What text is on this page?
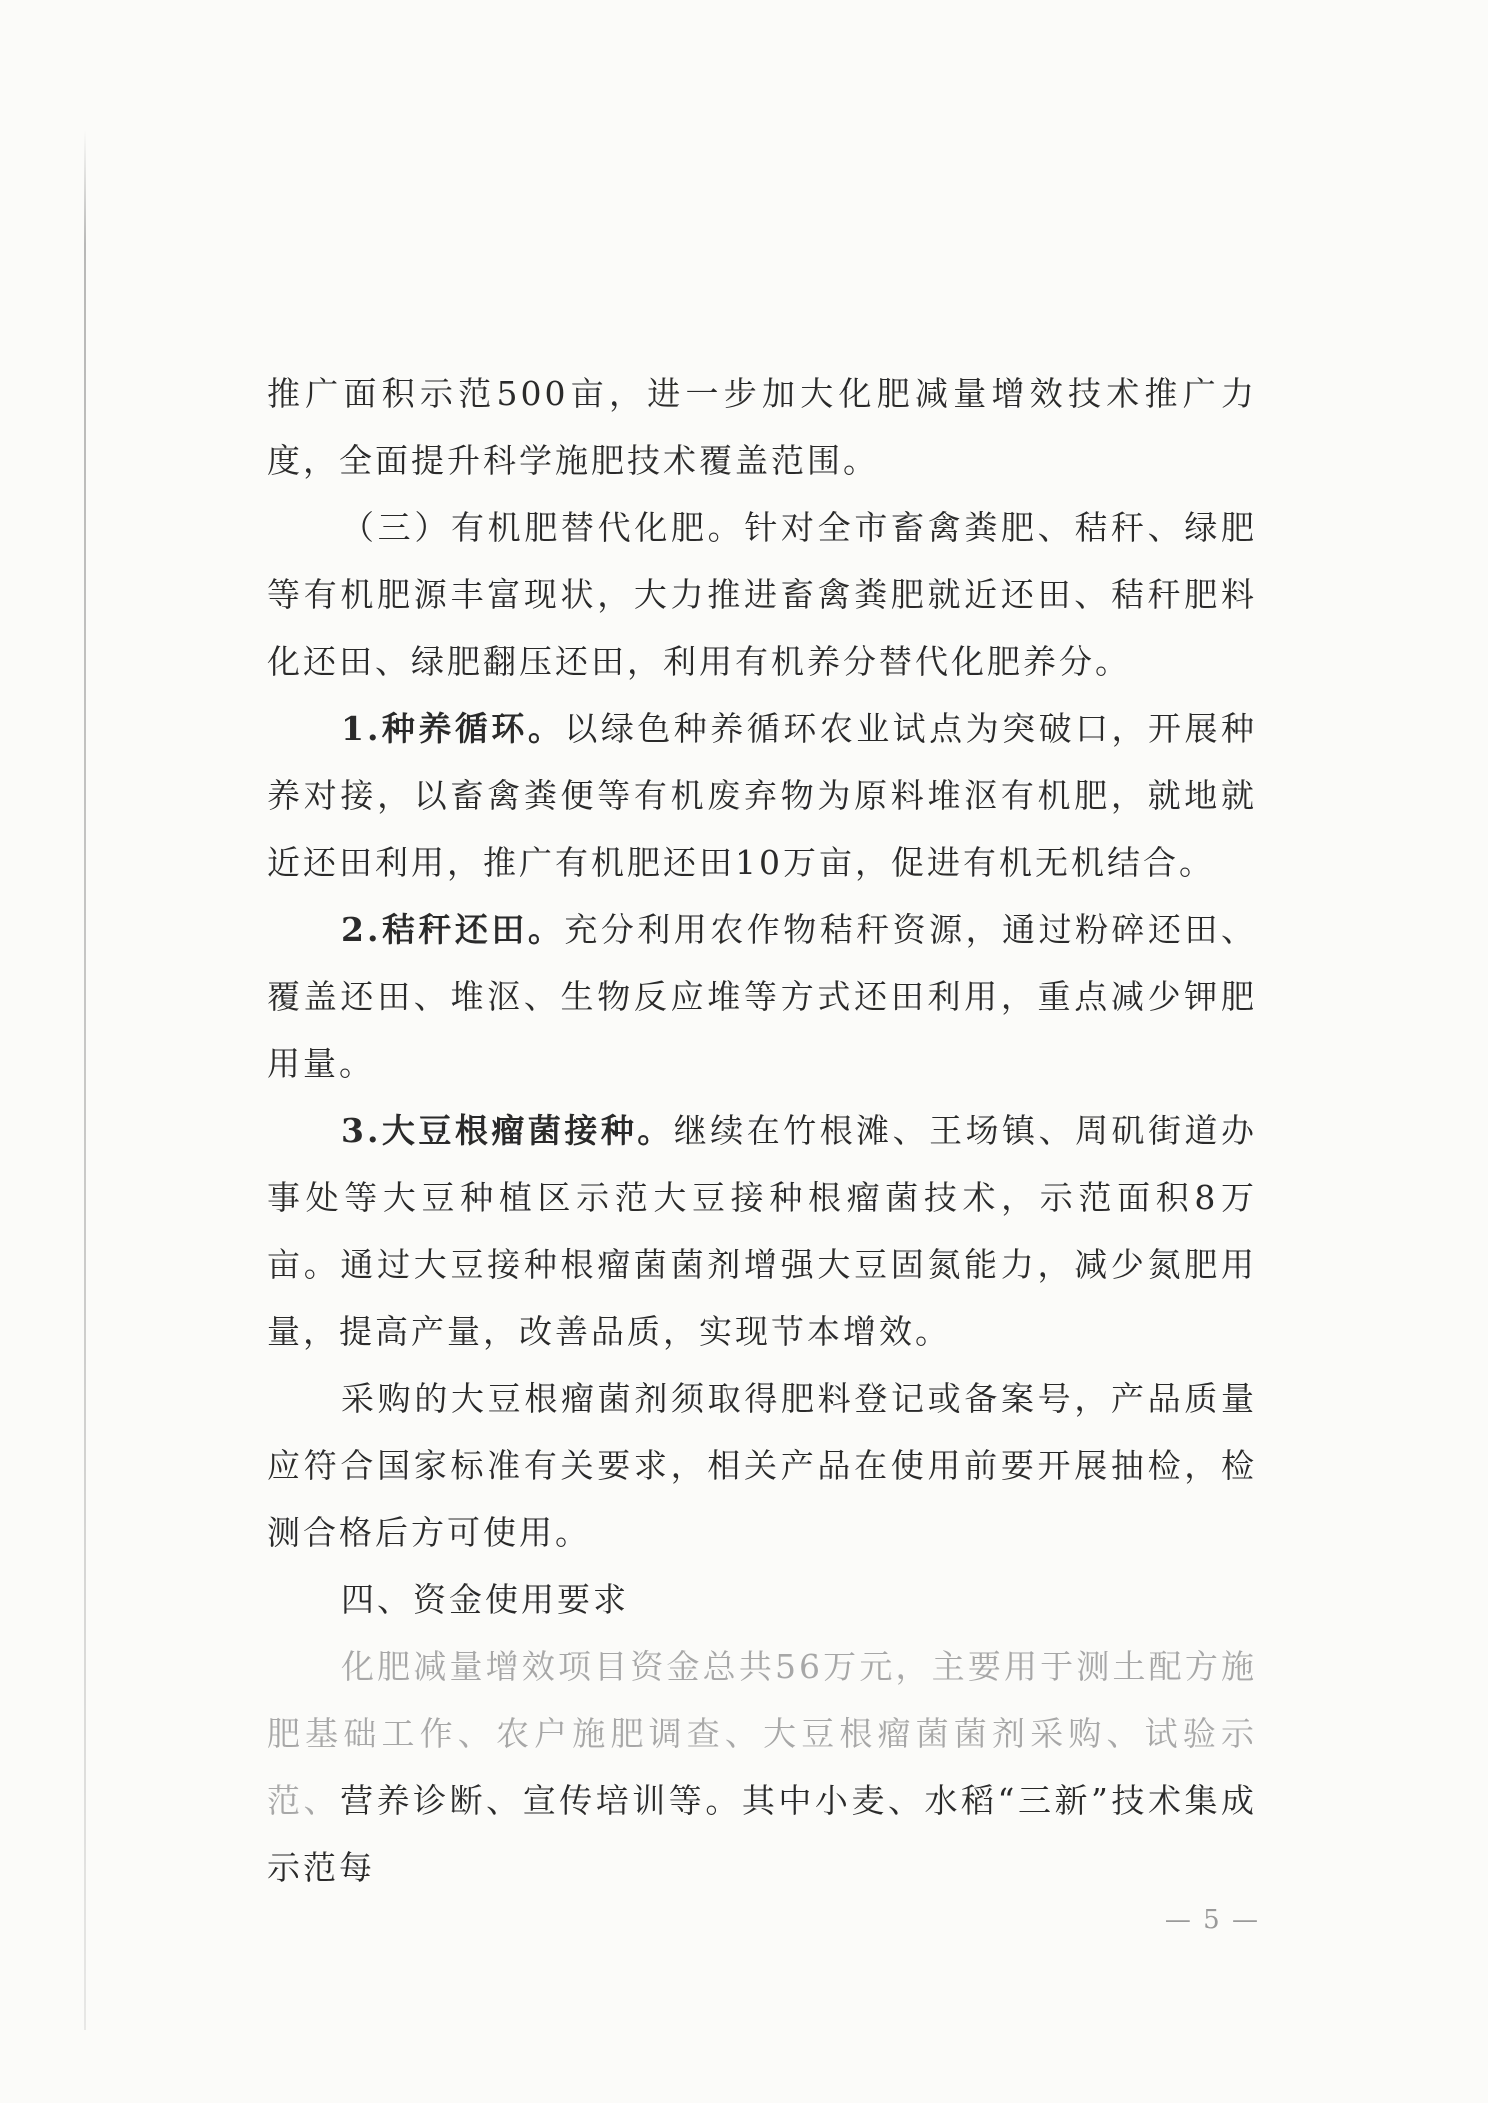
推广面积示范500亩，进一步加大化肥减量增效技术推广力度，全面提升科学施肥技术覆盖范围。

（三）有机肥替代化肥。针对全市畜禽粪肥、秸秆、绿肥等有机肥源丰富现状，大力推进畜禽粪肥就近还田、秸秆肥料化还田、绿肥翻压还田，利用有机养分替代化肥养分。

1.种养循环。以绿色种养循环农业试点为突破口，开展种养对接，以畜禽粪便等有机废弃物为原料堆沤有机肥，就地就近还田利用，推广有机肥还田10万亩，促进有机无机结合。

2.秸秆还田。充分利用农作物秸秆资源，通过粉碎还田、覆盖还田、堆沤、生物反应堆等方式还田利用，重点减少钾肥用量。

3.大豆根瘤菌接种。继续在竹根滩、王场镇、周矶街道办事处等大豆种植区示范大豆接种根瘤菌技术，示范面积8万亩。通过大豆接种根瘤菌菌剂增强大豆固氮能力，减少氮肥用量，提高产量，改善品质，实现节本增效。

采购的大豆根瘤菌剂须取得肥料登记或备案号，产品质量应符合国家标准有关要求，相关产品在使用前要开展抽检，检测合格后方可使用。

四、资金使用要求

化肥减量增效项目资金总共56万元，主要用于测土配方施肥基础工作、农户施肥调查、大豆根瘤菌菌剂采购、试验示范、营养诊断、宣传培训等。其中小麦、水稻“三新”技术集成示范每

— 5 —
